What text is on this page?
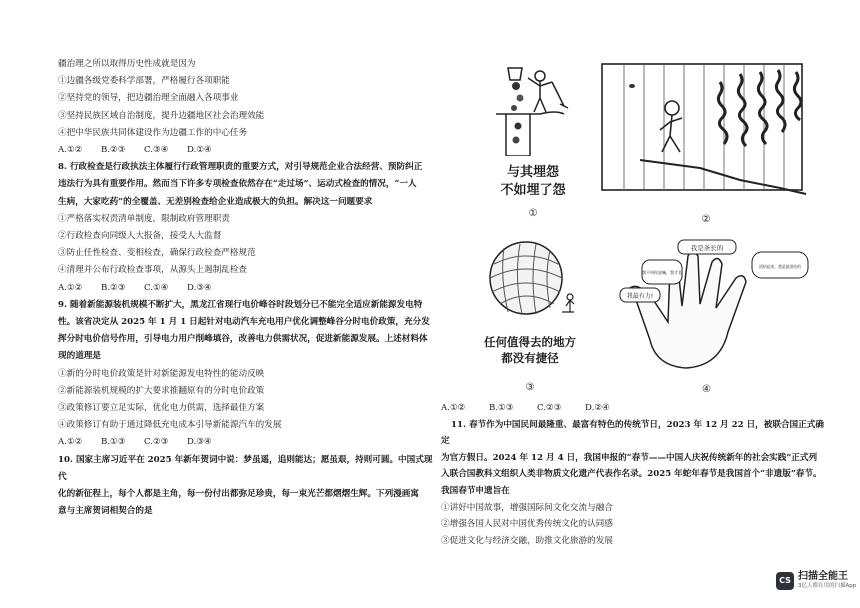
疆治理之所以取得历史性成就是因为

①边疆各级党委科学部署，严格履行各项职能

②坚持党的领导，把边疆治理全面融入各项事业

③坚持民族区域自治制度，提升边疆地区社会治理效能

④把中华民族共同体建设作为边疆工作的中心任务

A.①②	B.②③	C.③④	D.①④

8. 行政检查是行政执法主体履行行政管理职责的重要方式，对引导规范企业合法经营、预防纠正

违法行为具有重要作用。然而当下许多专项检查依然存在“走过场”、运动式检查的情况，“一人

生病，大家吃药”的全覆盖、无差别检查给企业造成极大的负担。解决这一问题要求

①严格落实权责清单制度，限制政府管理职责

②行政检查向同级人大报备，接受人大监督

③防止任性检查、变相检查，确保行政检查严格规范

④清理并公布行政检查事项，从源头上遏制乱检查

A.①②	B.②③	C.①④	D.③④

9. 随着新能源装机规模不断扩大，黑龙江省现行电价峰谷时段划分已不能完全适应新能源发电特

性。该省决定从 2025 年 1 月 1 日起针对电动汽车充电用户优化调整峰谷分时电价政策，充分发

挥分时电价信号作用，引导电力用户削峰填谷，改善电力供需状况，促进新能源发展。上述材料体

现的道理是

①新的分时电价政策是针对新能源发电特性的能动反映

②新能源装机规模的扩大要求推翻原有的分时电价政策

③政策修订要立足实际，优化电力供需，选择最佳方案

④政策修订有助于通过降低充电成本引导新能源汽车的发展

A.①②	B.①③	C.②③	D.③④

10. 国家主席习近平在 2025 年新年贺词中说：梦虽遥，追则能达；愿虽艰，持则可圆。中国式现代

化的新征程上，每个人都是主角，每一份付出都弥足珍贵，每一束光芒都熠熠生辉。下列漫画寓

意与主席贺词相契合的是

与其埋怨
不如埋了怨
①
②
任何值得去的地方
都没有捷径
③
我是条长的
我不叫你说嘛，我才长
团结起来，我是最团结的
我最有力!
④

A.①②	B.①③	C.②③	D.②④

11. 春节作为中国民间最隆重、最富有特色的传统节日，2023 年 12 月 22 日，被联合国正式确定

为官方假日。2024 年 12 月 4 日，我国申报的“春节——中国人庆祝传统新年的社会实践”正式列

入联合国教科文组织人类非物质文化遗产代表作名录。2025 年蛇年春节是我国首个“非遗版”春节。

我国春节申遗旨在

①讲好中国故事，增强国际间文化交流与融合

②增强各国人民对中国优秀传统文化的认同感

③促进文化与经济交融，助推文化旅游的发展

CS 扫描全能王
3亿人都在用的扫描App
